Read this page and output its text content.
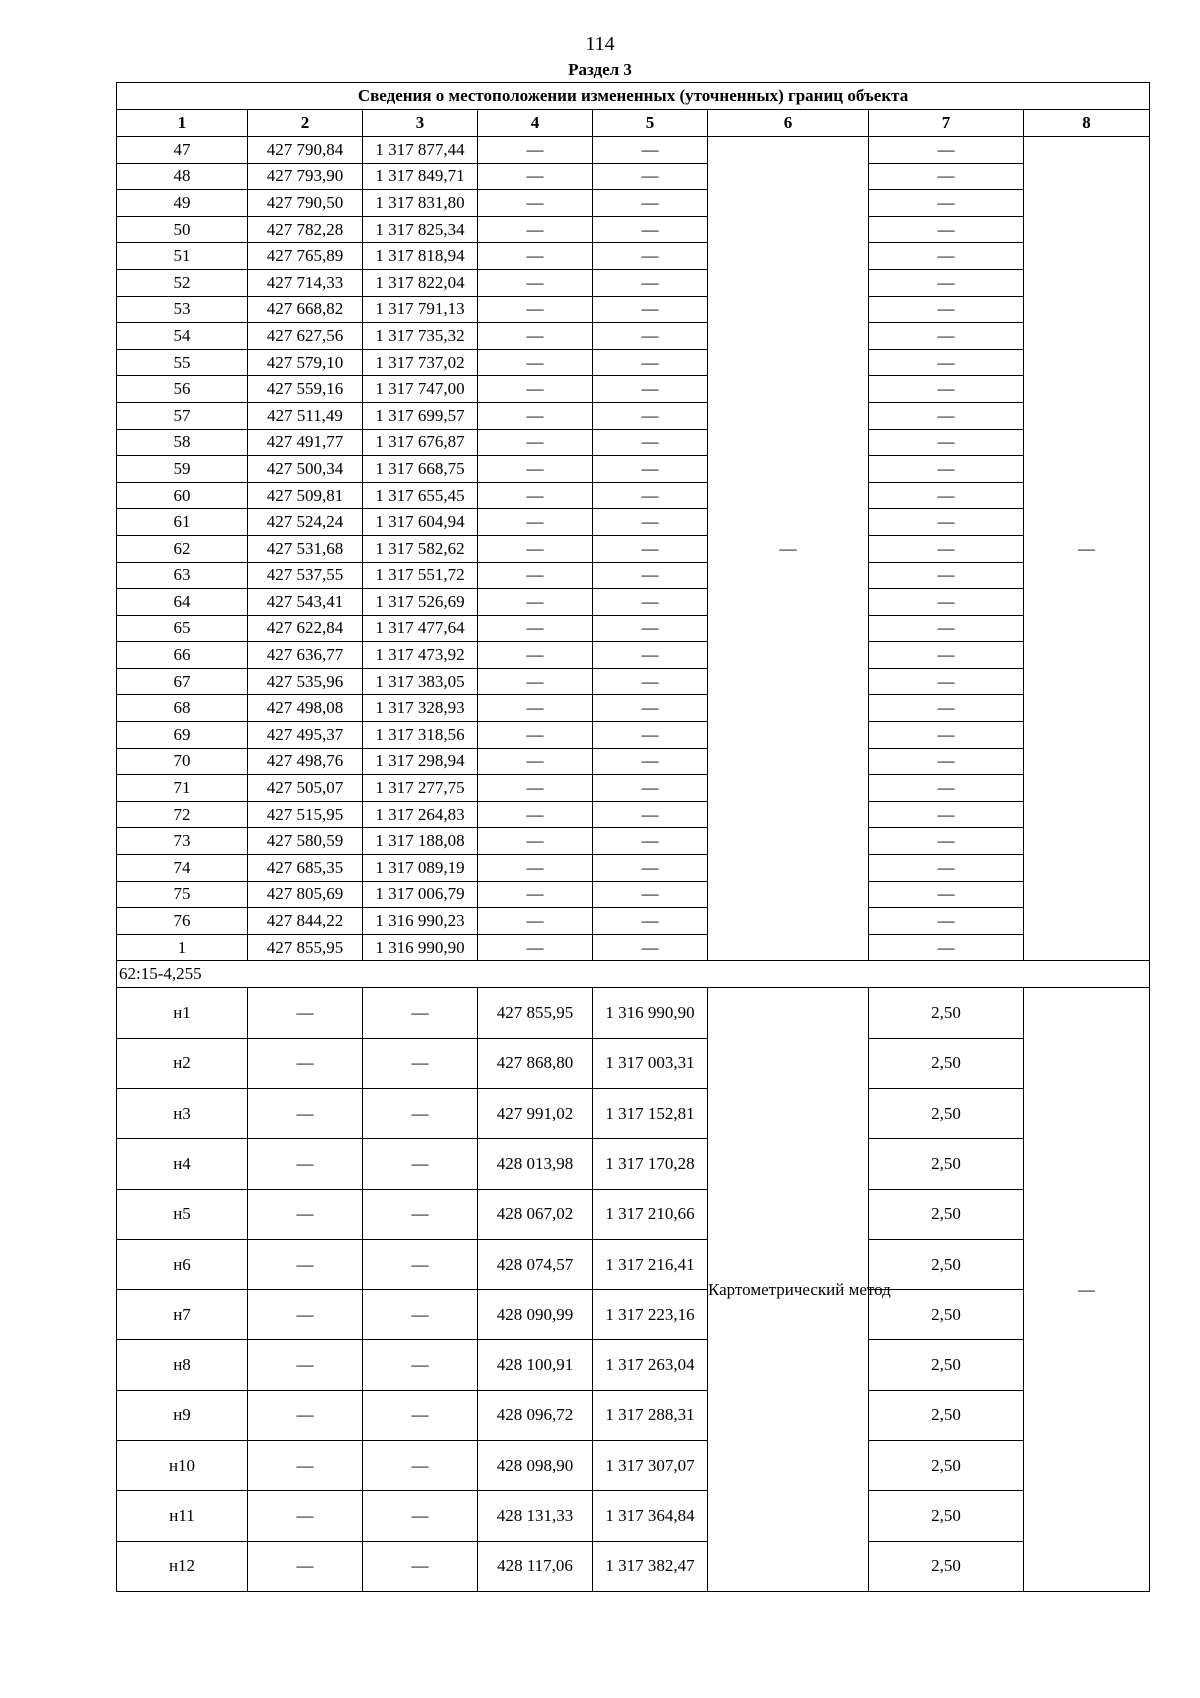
114
Раздел 3
Сведения о местоположении измененных (уточненных) границ объекта							
1	2	3	4	5	6	7	8
47	427 790,84	1 317 877,44	—	—	—	—	—
48	427 793,90	1 317 849,71	—	—		—	
49	427 790,50	1 317 831,80	—	—		—	
50	427 782,28	1 317 825,34	—	—		—	
51	427 765,89	1 317 818,94	—	—		—	
52	427 714,33	1 317 822,04	—	—		—	
53	427 668,82	1 317 791,13	—	—		—	
54	427 627,56	1 317 735,32	—	—		—	
55	427 579,10	1 317 737,02	—	—		—	
56	427 559,16	1 317 747,00	—	—		—	
57	427 511,49	1 317 699,57	—	—		—	
58	427 491,77	1 317 676,87	—	—		—	
59	427 500,34	1 317 668,75	—	—		—	
60	427 509,81	1 317 655,45	—	—		—	
61	427 524,24	1 317 604,94	—	—		—	
62	427 531,68	1 317 582,62	—	—		—	
63	427 537,55	1 317 551,72	—	—		—	
64	427 543,41	1 317 526,69	—	—		—	
65	427 622,84	1 317 477,64	—	—		—	
66	427 636,77	1 317 473,92	—	—		—	
67	427 535,96	1 317 383,05	—	—		—	
68	427 498,08	1 317 328,93	—	—		—	
69	427 495,37	1 317 318,56	—	—		—	
70	427 498,76	1 317 298,94	—	—		—	
71	427 505,07	1 317 277,75	—	—		—	
72	427 515,95	1 317 264,83	—	—		—	
73	427 580,59	1 317 188,08	—	—		—	
74	427 685,35	1 317 089,19	—	—		—	
75	427 805,69	1 317 006,79	—	—		—	
76	427 844,22	1 316 990,23	—	—		—	
1	427 855,95	1 316 990,90	—	—		—	
62:15-4,255							
н1	—	—	427 855,95	1 316 990,90	Картометрический метод	2,50	—
н2	—	—	427 868,80	1 317 003,31		2,50	
н3	—	—	427 991,02	1 317 152,81		2,50	
н4	—	—	428 013,98	1 317 170,28		2,50	
н5	—	—	428 067,02	1 317 210,66		2,50	
н6	—	—	428 074,57	1 317 216,41		2,50	
н7	—	—	428 090,99	1 317 223,16		2,50	
н8	—	—	428 100,91	1 317 263,04		2,50	
н9	—	—	428 096,72	1 317 288,31		2,50	
н10	—	—	428 098,90	1 317 307,07		2,50	
н11	—	—	428 131,33	1 317 364,84		2,50	
н12	—	—	428 117,06	1 317 382,47		2,50	
